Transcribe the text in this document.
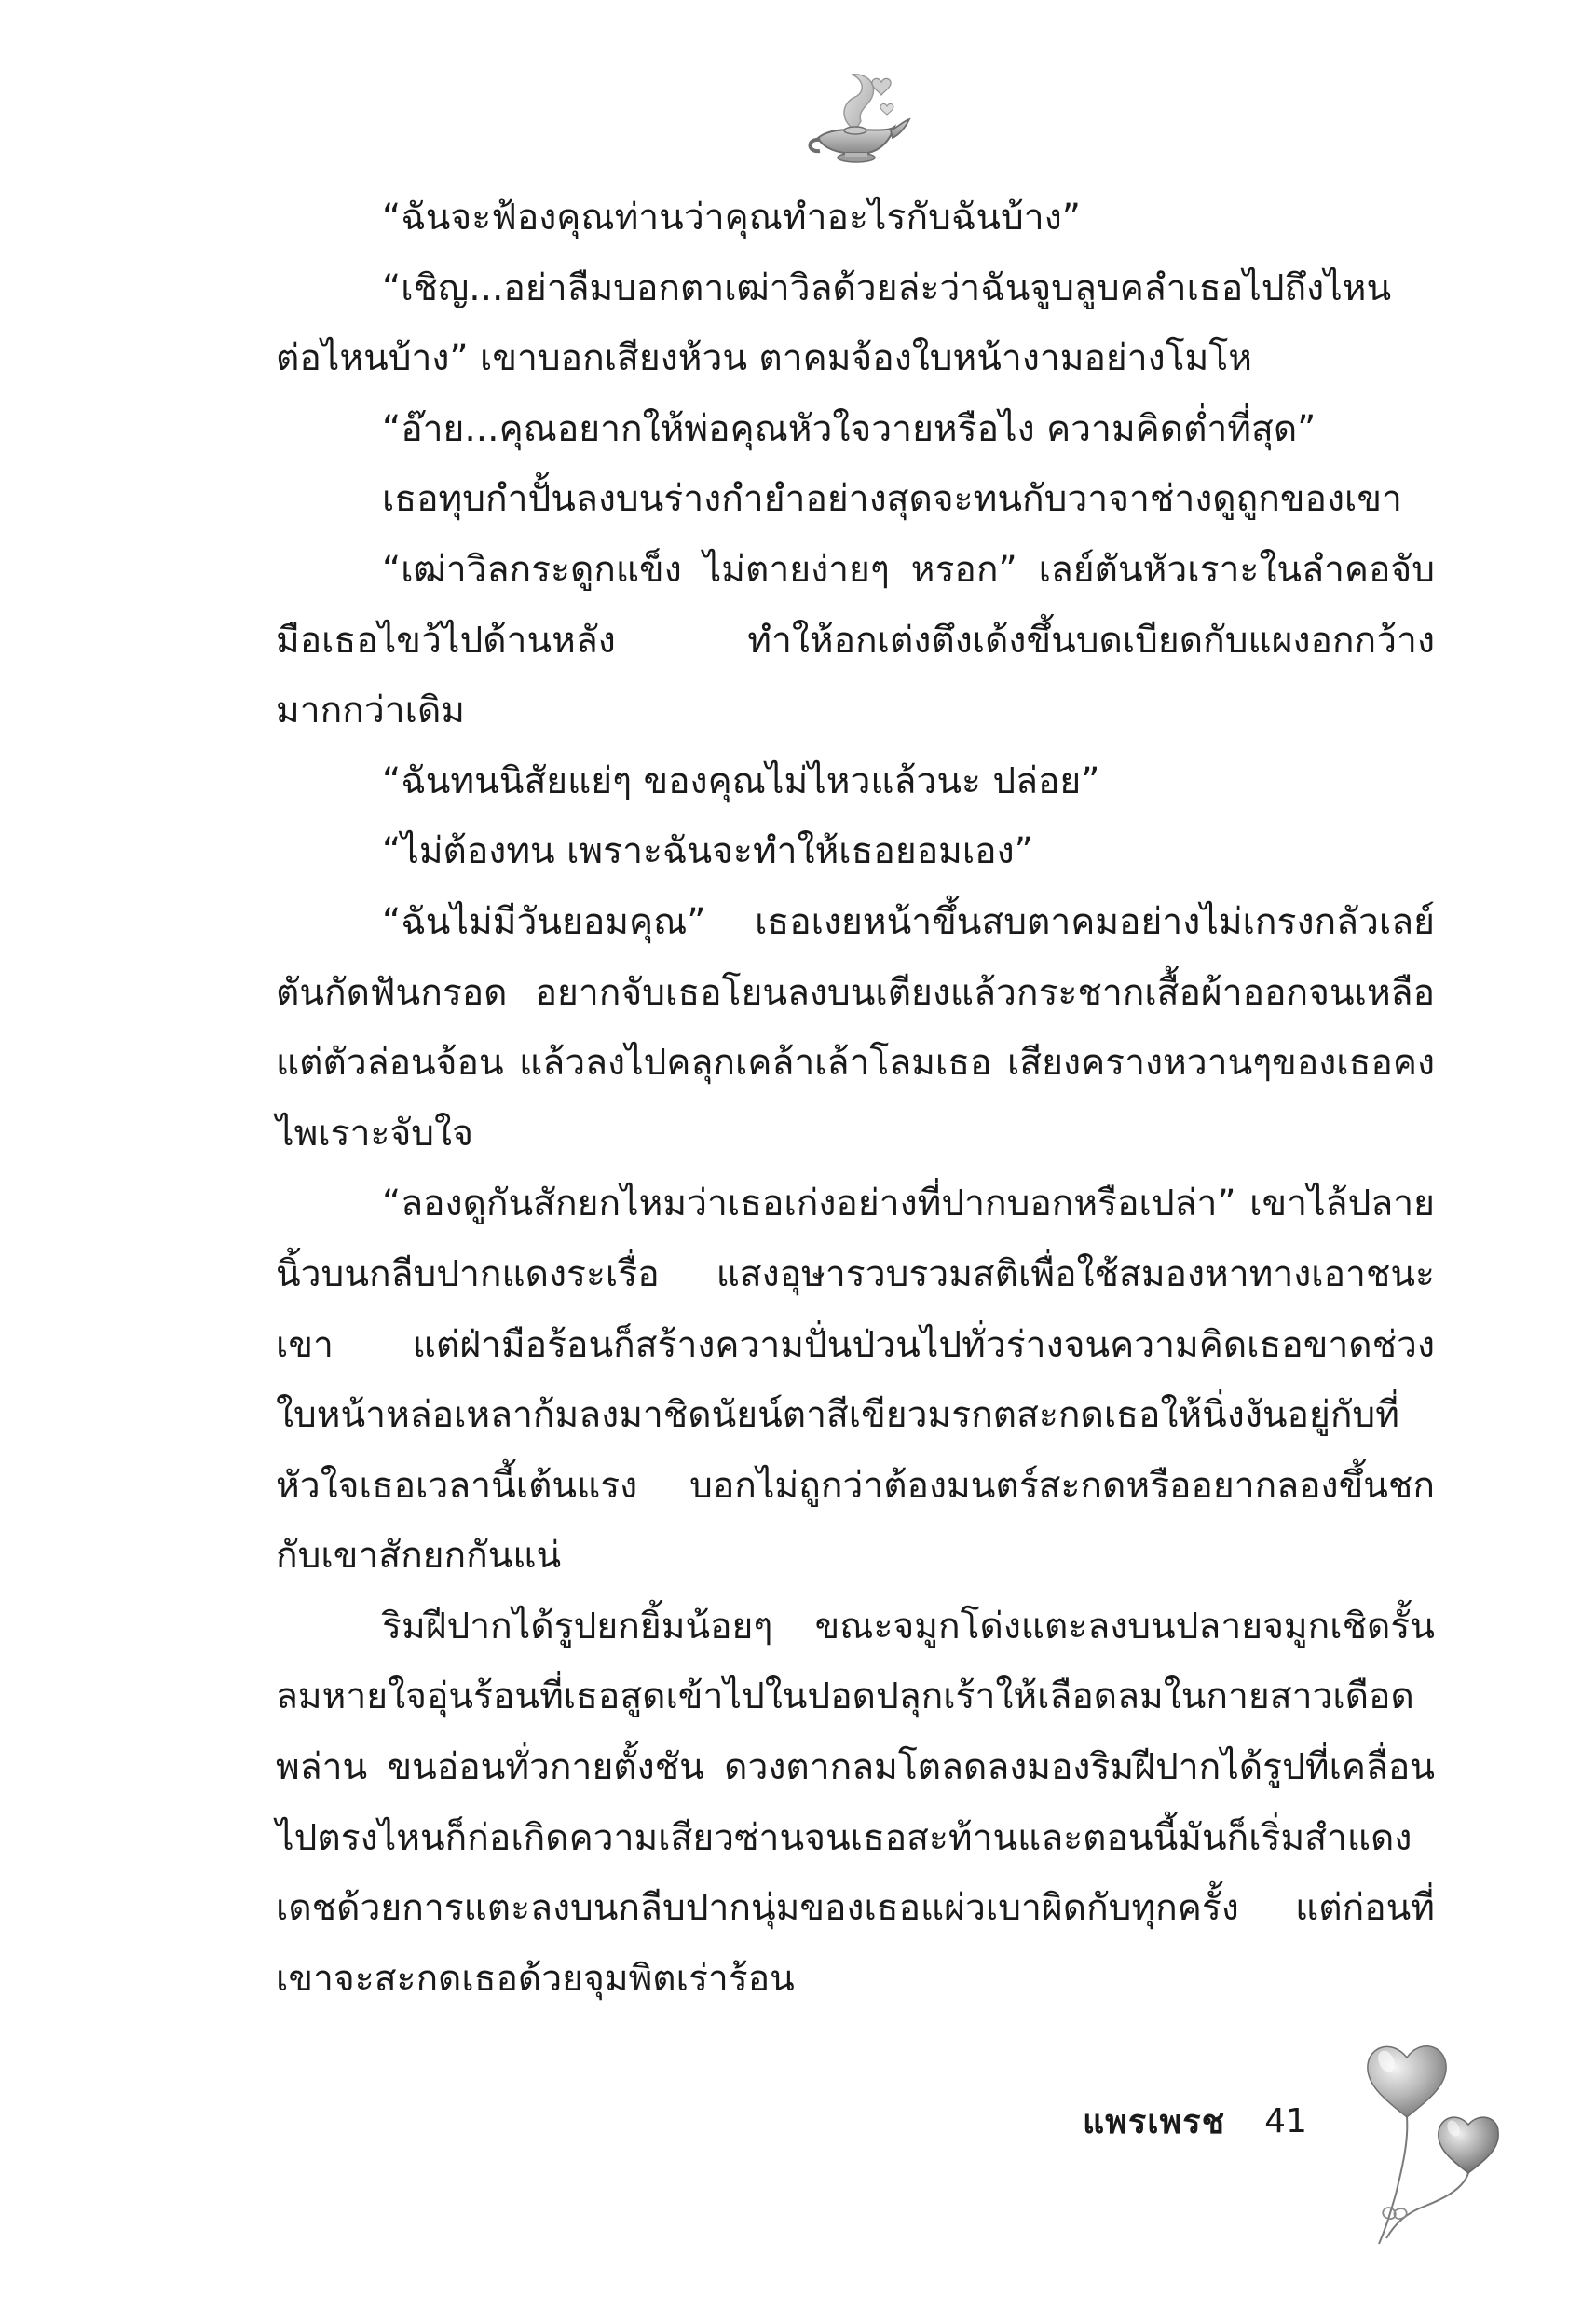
“ฉันจะฟ้องคุณท่านว่าคุณทำอะไรกับฉันบ้าง”

“เชิญ...อย่าลืมบอกตาเฒ่าวิลด้วยล่ะว่าฉันจูบลูบคลำเธอไปถึงไหนต่อไหนบ้าง” เขาบอกเสียงห้วน ตาคมจ้องใบหน้างามอย่างโมโห

“อ๊าย...คุณอยากให้พ่อคุณหัวใจวายหรือไง ความคิดต่ำที่สุด”

เธอทุบกำปั้นลงบนร่างกำยำอย่างสุดจะทนกับวาจาช่างดูถูกของเขา

“เฒ่าวิลกระดูกแข็ง ไม่ตายง่ายๆ หรอก” เลย์ตันหัวเราะในลำคอจับมือเธอไขว้ไปด้านหลัง ทำให้อกเต่งตึงเด้งขึ้นบดเบียดกับแผงอกกว้างมากกว่าเดิม

“ฉันทนนิสัยแย่ๆ ของคุณไม่ไหวแล้วนะ ปล่อย”

“ไม่ต้องทน เพราะฉันจะทำให้เธอยอมเอง”

“ฉันไม่มีวันยอมคุณ” เธอเงยหน้าขึ้นสบตาคมอย่างไม่เกรงกลัวเลย์ตันกัดฟันกรอด อยากจับเธอโยนลงบนเตียงแล้วกระชากเสื้อผ้าออกจนเหลือแต่ตัวล่อนจ้อน แล้วลงไปคลุกเคล้าเล้าโลมเธอ เสียงครางหวานๆของเธอคงไพเราะจับใจ

“ลองดูกันสักยกไหมว่าเธอเก่งอย่างที่ปากบอกหรือเปล่า” เขาไล้ปลายนิ้วบนกลีบปากแดงระเรื่อ แสงอุษารวบรวมสติเพื่อใช้สมองหาทางเอาชนะเขา แต่ฝ่ามือร้อนก็สร้างความปั่นป่วนไปทั่วร่างจนความคิดเธอขาดช่วง ใบหน้าหล่อเหลาก้มลงมาชิดนัยน์ตาสีเขียวมรกตสะกดเธอให้นิ่งงันอยู่กับที่ หัวใจเธอเวลานี้เต้นแรง บอกไม่ถูกว่าต้องมนตร์สะกดหรืออยากลองขึ้นชกกับเขาสักยกกันแน่

ริมฝีปากได้รูปยกยิ้มน้อยๆ ขณะจมูกโด่งแตะลงบนปลายจมูกเชิดรั้น ลมหายใจอุ่นร้อนที่เธอสูดเข้าไปในปอดปลุกเร้าให้เลือดลมในกายสาวเดือดพล่าน ขนอ่อนทั่วกายตั้งชัน ดวงตากลมโตลดลงมองริมฝีปากได้รูปที่เคลื่อนไปตรงไหนก็ก่อเกิดความเสียวซ่านจนเธอสะท้านและตอนนี้มันก็เริ่มสำแดงเดชด้วยการแตะลงบนกลีบปากนุ่มของเธอแผ่วเบาผิดกับทุกครั้ง แต่ก่อนที่เขาจะสะกดเธอด้วยจุมพิตเร่าร้อน

แพรเพรช 41
